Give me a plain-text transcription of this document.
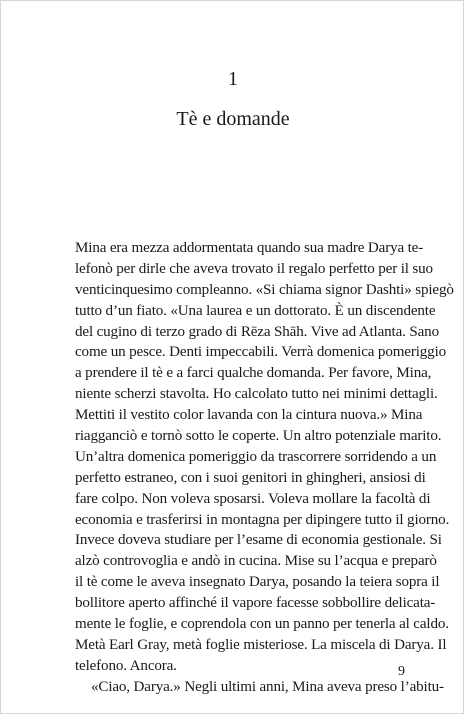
1
Tè e domande
Mina era mezza addormentata quando sua madre Darya te-
lefonò per dirle che aveva trovato il regalo perfetto per il suo
venticinquesimo compleanno. «Si chiama signor Dashti» spiegò
tutto d’un fiato. «Una laurea e un dottorato. È un discendente
del cugino di terzo grado di Rēza Shāh. Vive ad Atlanta. Sano
come un pesce. Denti impeccabili. Verrà domenica pomeriggio
a prendere il tè e a farci qualche domanda. Per favore, Mina,
niente scherzi stavolta. Ho calcolato tutto nei minimi dettagli.
Mettiti il vestito color lavanda con la cintura nuova.» Mina
riagganciò e tornò sotto le coperte. Un altro potenziale marito.
Un’altra domenica pomeriggio da trascorrere sorridendo a un
perfetto estraneo, con i suoi genitori in ghingheri, ansiosi di
fare colpo. Non voleva sposarsi. Voleva mollare la facoltà di
economia e trasferirsi in montagna per dipingere tutto il giorno.
Invece doveva studiare per l’esame di economia gestionale. Si
alzò controvoglia e andò in cucina. Mise su l’acqua e preparò
il tè come le aveva insegnato Darya, posando la teiera sopra il
bollitore aperto affinché il vapore facesse sobbollire delicata-
mente le foglie, e coprendola con un panno per tenerla al caldo.
Metà Earl Gray, metà foglie misteriose. La miscela di Darya. Il
telefono. Ancora.
«Ciao, Darya.» Negli ultimi anni, Mina aveva preso l’abitu-
9
